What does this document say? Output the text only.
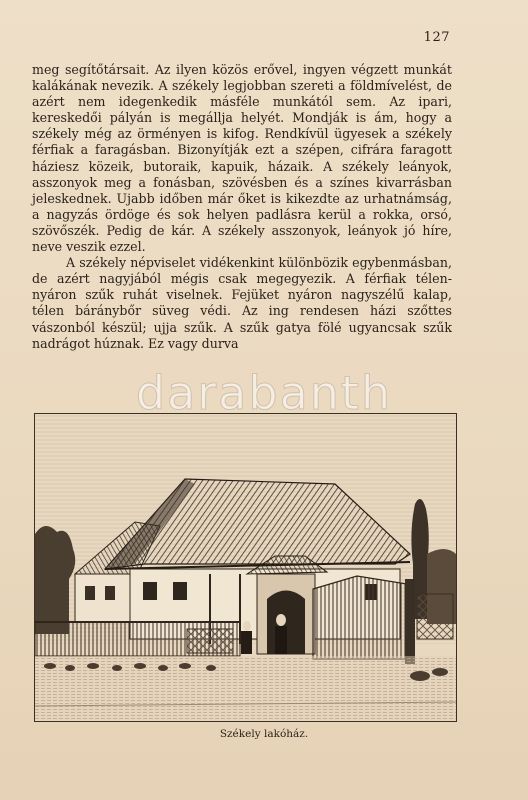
127

meg segítőtársait. Az ilyen közös erővel, ingyen végzett munkát kalákának nevezik. A székely legjobban szereti a földmívelést, de azért nem idegenkedik másféle munkától sem. Az ipari, kereskedői pályán is megállja helyét. Mondják is ám, hogy a székely még az örményen is kifog. Rendkívül ügyesek a székely férfiak a faragásban. Bizonyítják ezt a szépen, cifrára faragott háziesz közeik, butoraik, kapuik, házaik. A székely leányok, asszonyok meg a fonásban, szövésben és a színes kivarrásban jeleskednek. Ujabb időben már őket is kikezdte az urhatnámság, a nagyzás ördöge és sok helyen padlásra kerül a rokka, orsó, szövőszék. Pedig de kár. A székely asszonyok, leányok jó híre, neve veszik ezzel.

A székely népviselet vidékenkint különbözik egybenmásban, de azért nagyjából mégis csak megegyezik. A férfiak télen-nyáron szűk ruhát viselnek. Fejüket nyáron nagyszélű kalap, télen báránybőr süveg védi. Az ing rendesen házi szőttes vászonból készül; ujja szűk. A szűk gatya fölé ugyancsak szűk nadrágot húznak. Ez vagy durva

darabanth
Székely lakóház.
